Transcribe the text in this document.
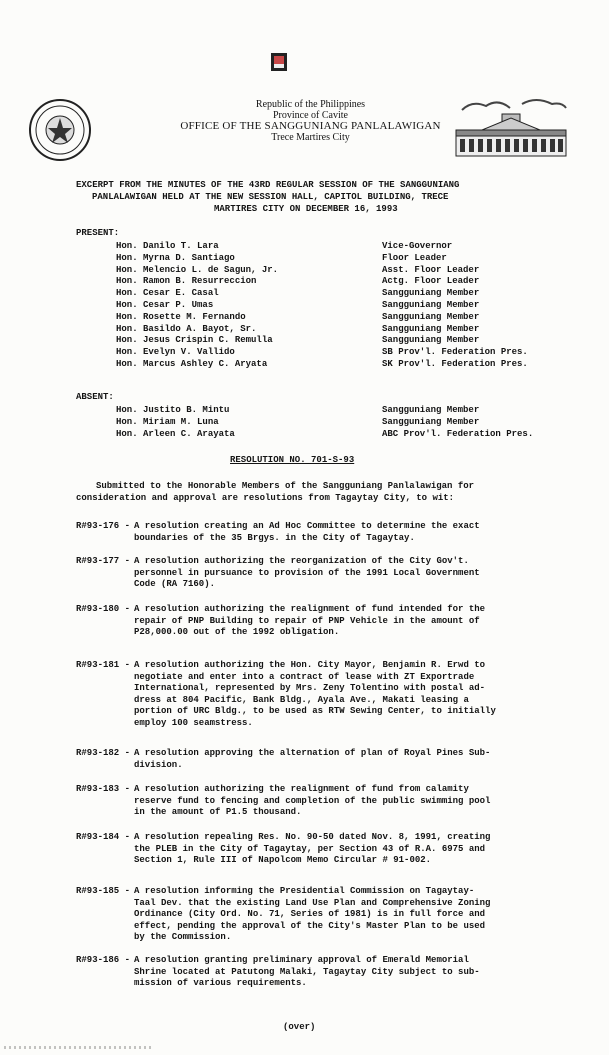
Republic of the Philippines
Province of Cavite
OFFICE OF THE SANGGUNIANG PANLALAWIGAN
Trece Martires City
EXCERPT FROM THE MINUTES OF THE 43RD REGULAR SESSION OF THE SANGGUNIANG
PANLALAWIGAN HELD AT THE NEW SESSION HALL, CAPITOL BUILDING, TRECE
MARTIRES CITY ON DECEMBER 16, 1993
PRESENT:
Hon. Danilo T. Lara	Vice-Governor
Hon. Myrna D. Santiago	Floor Leader
Hon. Melencio L. de Sagun, Jr.	Asst. Floor Leader
Hon. Ramon B. Resurreccion	Actg. Floor Leader
Hon. Cesar E. Casal	Sangguniang Member
Hon. Cesar P. Umas	Sangguniang Member
Hon. Rosette M. Fernando	Sangguniang Member
Hon. Basildo A. Bayot, Sr.	Sangguniang Member
Hon. Jesus Crispin C. Remulla	Sangguniang Member
Hon. Evelyn V. Vallido	SB Prov'l. Federation Pres.
Hon. Marcus Ashley C. Aryata	SK Prov'l. Federation Pres.
ABSENT:
Hon. Justito B. Mintu	Sangguniang Member
Hon. Miriam M. Luna	Sangguniang Member
Hon. Arleen C. Arayata	ABC Prov'l. Federation Pres.
RESOLUTION NO. 701-S-93
Submitted to the Honorable Members of the Sangguniang Panlalawigan for
consideration and approval are resolutions from Tagaytay City, to wit:
R#93-176 - A resolution creating an Ad Hoc Committee to determine the exact
boundaries of the 35 Brgys. in the City of Tagaytay.
R#93-177 - A resolution authorizing the reorganization of the City Gov't.
personnel in pursuance to provision of the 1991 Local Government
Code (RA 7160).
R#93-180 - A resolution authorizing the realignment of fund intended for the
repair of PNP Building to repair of PNP Vehicle in the amount of
P28,000.00 out of the 1992 obligation.
R#93-181 - A resolution authorizing the Hon. City Mayor, Benjamin R. Erwd to
negotiate and enter into a contract of lease with ZT Exportrade
International, represented by Mrs. Zeny Tolentino with postal ad-
dress at 804 Pacific, Bank Bldg., Ayala Ave., Makati leasing a
portion of URC Bldg., to be used as RTW Sewing Center, to initially
employ 100 seamstress.
R#93-182 - A resolution approving the alternation of plan of Royal Pines Sub-
division.
R#93-183 - A resolution authorizing the realignment of fund from calamity
reserve fund to fencing and completion of the public swimming pool
in the amount of P1.5 thousand.
R#93-184 - A resolution repealing Res. No. 90-50 dated Nov. 8, 1991, creating
the PLEB in the City of Tagaytay, per Section 43 of R.A. 6975 and
Section 1, Rule III of Napolcom Memo Circular # 91-002.
R#93-185 - A resolution informing the Presidential Commission on Tagaytay-
Taal Dev. that the existing Land Use Plan and Comprehensive Zoning
Ordinance (City Ord. No. 71, Series of 1981) is in full force and
effect, pending the approval of the City's Master Plan to be used
by the Commission.
R#93-186 - A resolution granting preliminary approval of Emerald Memorial
Shrine located at Patutong Malaki, Tagaytay City subject to sub-
mission of various requirements.
(over)
